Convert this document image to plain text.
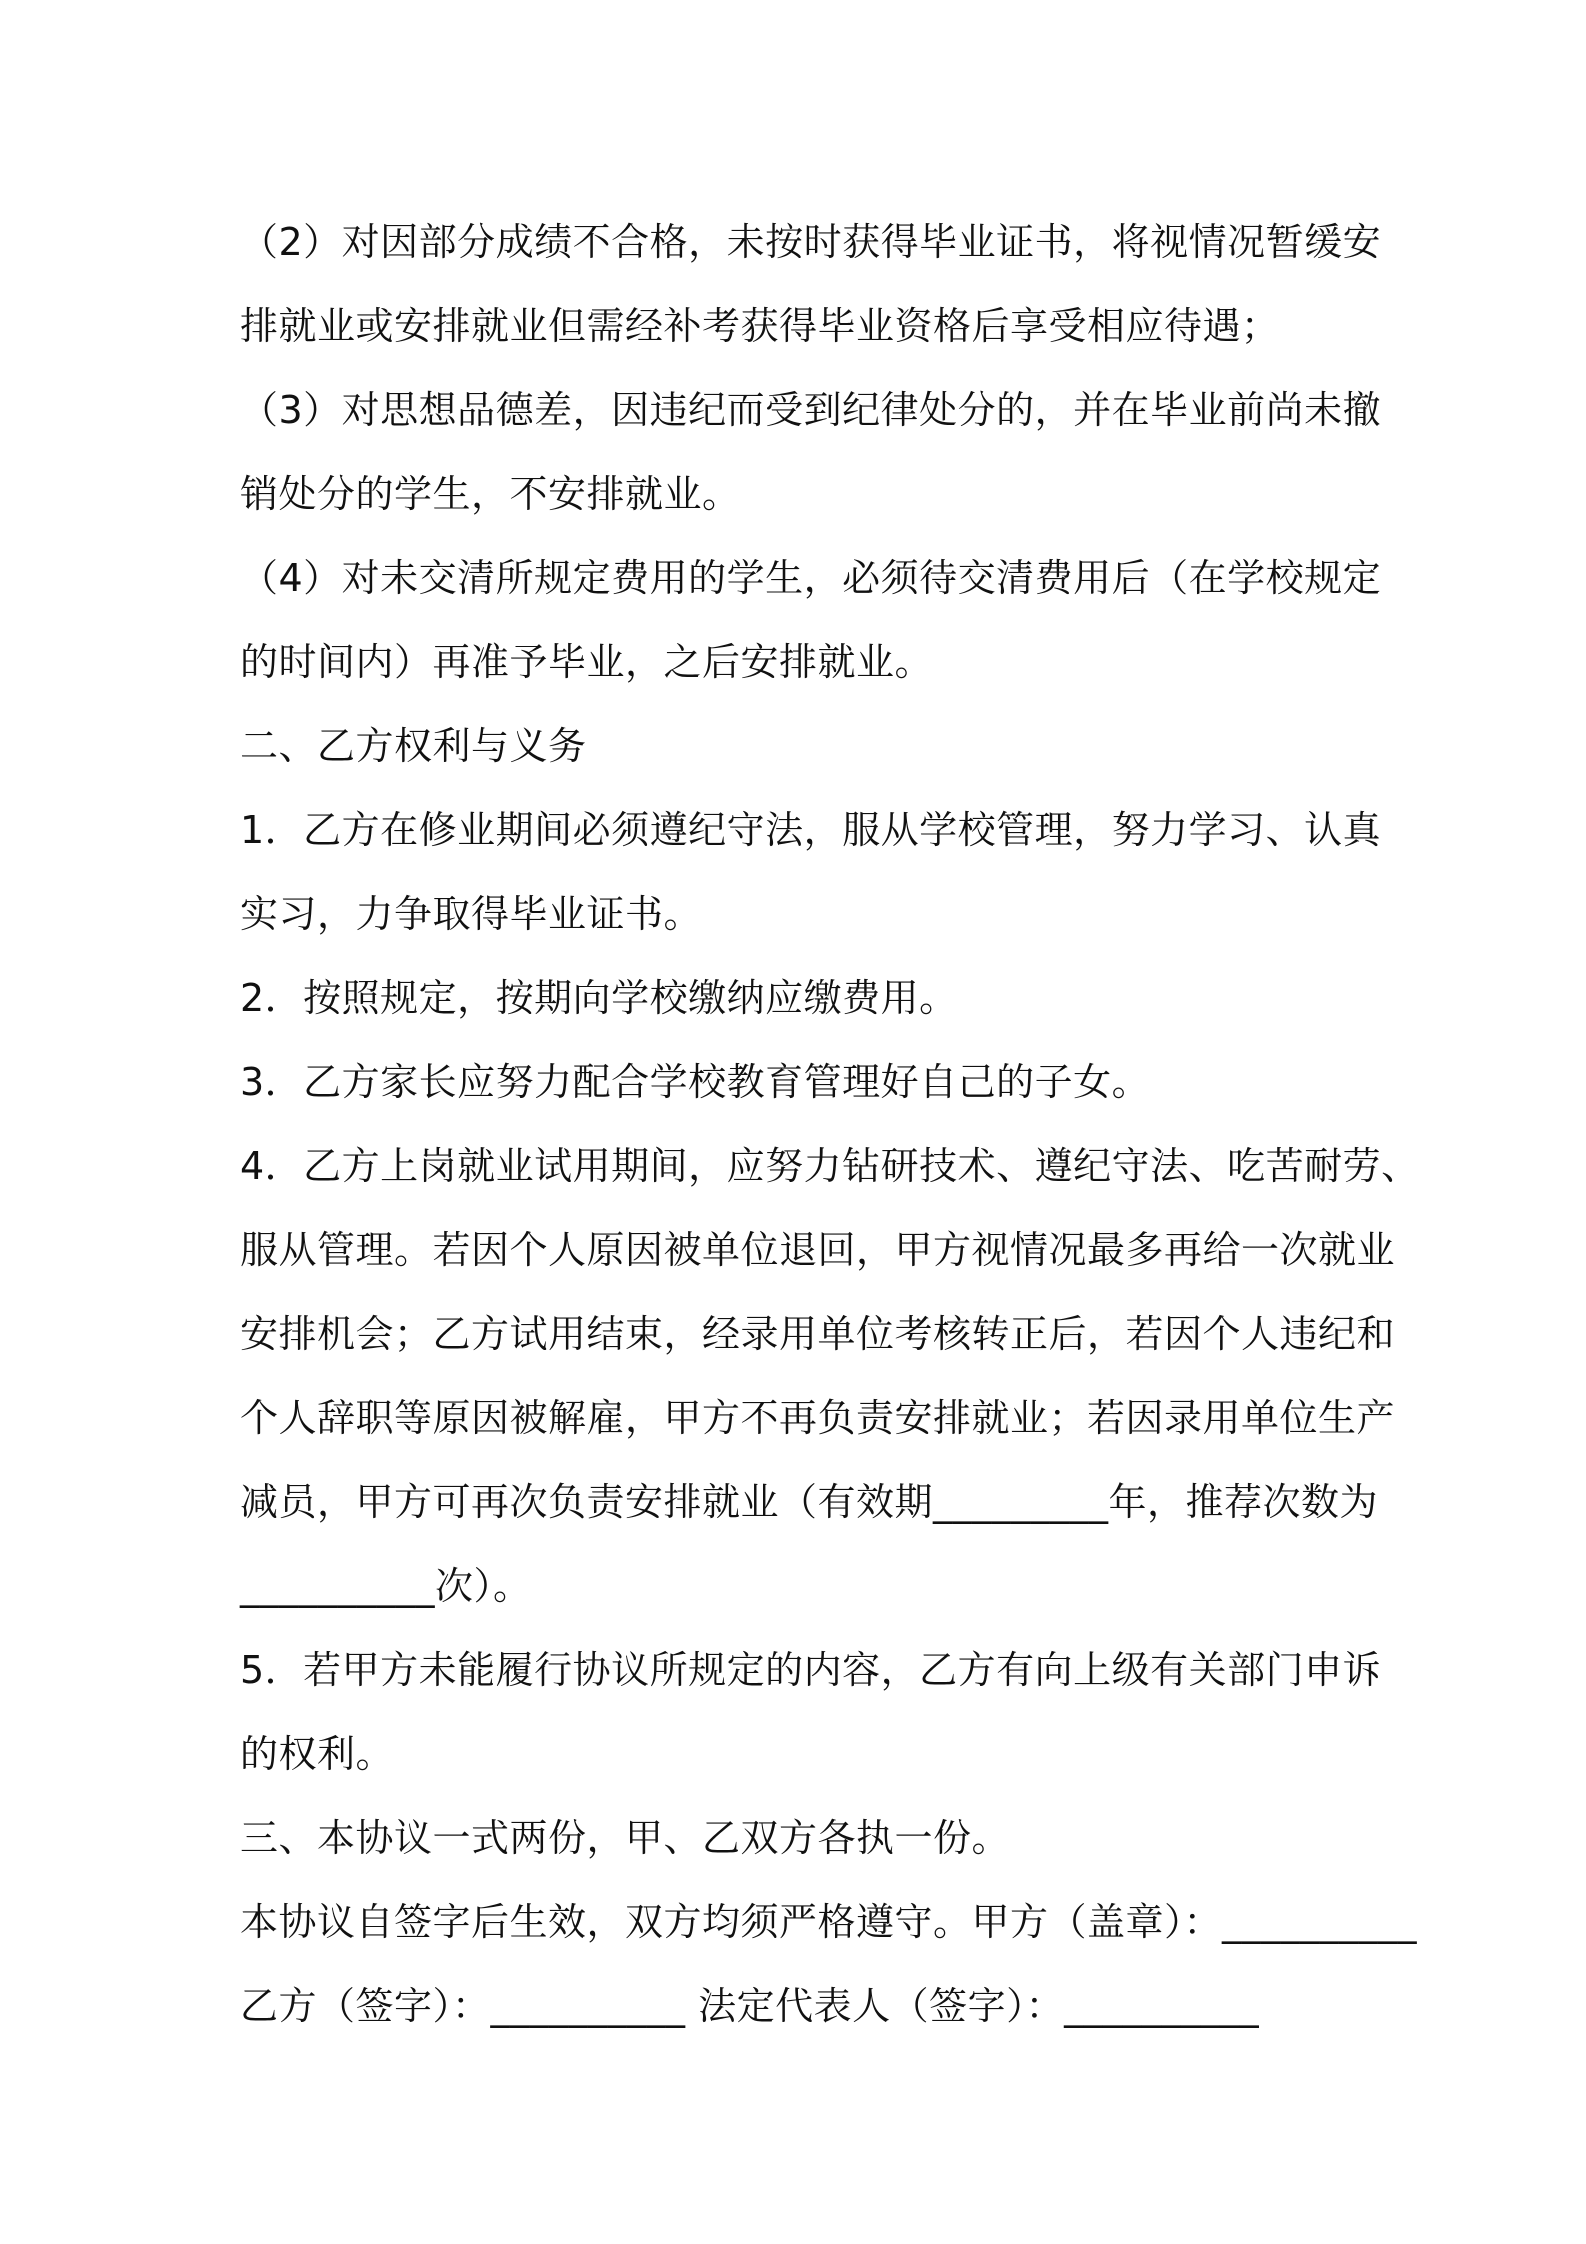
（2）对因部分成绩不合格，未按时获得毕业证书，将视情况暂缓安
排就业或安排就业但需经补考获得毕业资格后享受相应待遇；
（3）对思想品德差，因违纪而受到纪律处分的，并在毕业前尚未撤
销处分的学生，不安排就业。
（4）对未交清所规定费用的学生，必须待交清费用后（在学校规定
的时间内）再准予毕业，之后安排就业。
二、乙方权利与义务
1．乙方在修业期间必须遵纪守法，服从学校管理，努力学习、认真
实习，力争取得毕业证书。
2．按照规定，按期向学校缴纳应缴费用。
3．乙方家长应努力配合学校教育管理好自己的子女。
4．乙方上岗就业试用期间，应努力钻研技术、遵纪守法、吃苦耐劳、
服从管理。若因个人原因被单位退回，甲方视情况最多再给一次就业
安排机会；乙方试用结束，经录用单位考核转正后，若因个人违纪和
个人辞职等原因被解雇，甲方不再负责安排就业；若因录用单位生产
减员，甲方可再次负责安排就业（有效期_________年，推荐次数为
__________次）。
5．若甲方未能履行协议所规定的内容，乙方有向上级有关部门申诉
的权利。
三、本协议一式两份，甲、乙双方各执一份。
本协议自签字后生效，双方均须严格遵守。甲方（盖章）：__________
乙方（签字）：__________ 法定代表人（签字）：__________
